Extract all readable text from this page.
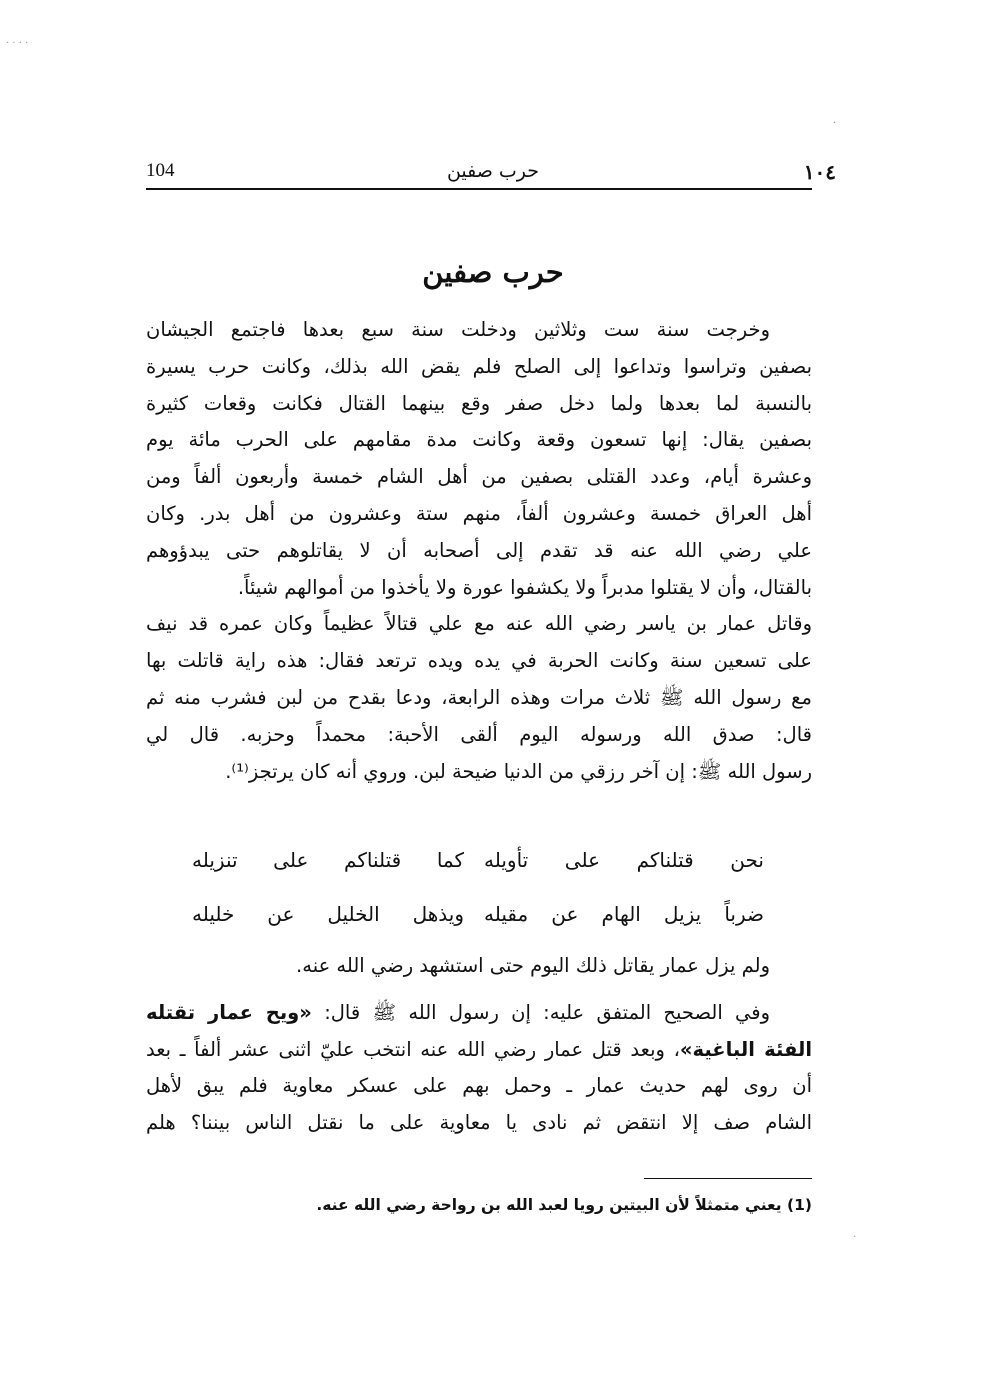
١٠٤
حرب صفين
104
حرب صفين
وخرجت سنة ست وثلاثين ودخلت سنة سبع بعدها فاجتمع الجيشان
بصفين وتراسوا وتداعوا إلى الصلح فلم يقض الله بذلك، وكانت حرب يسيرة
بالنسبة لما بعدها ولما دخل صفر وقع بينهما القتال فكانت وقعات كثيرة
بصفين يقال: إنها تسعون وقعة وكانت مدة مقامهم على الحرب مائة يوم
وعشرة أيام، وعدد القتلى بصفين من أهل الشام خمسة وأربعون ألفاً ومن
أهل العراق خمسة وعشرون ألفاً، منهم ستة وعشرون من أهل بدر. وكان
علي رضي الله عنه قد تقدم إلى أصحابه أن لا يقاتلوهم حتى يبدؤوهم
بالقتال، وأن لا يقتلوا مدبراً ولا يكشفوا عورة ولا يأخذوا من أموالهم شيئاً.
وقاتل عمار بن ياسر رضي الله عنه مع علي قتالاً عظيماً وكان عمره قد نيف
على تسعين سنة وكانت الحربة في يده ويده ترتعد فقال: هذه راية قاتلت بها
مع رسول الله ﷺ ثلاث مرات وهذه الرابعة، ودعا بقدح من لبن فشرب منه ثم
قال: صدق الله ورسوله اليوم ألقى الأحبة: محمداً وحزبه. قال لي
رسول الله ﷺ: إن آخر رزقي من الدنيا ضيحة لبن. وروي أنه كان يرتجز⁽¹⁾.
نحن قتلناكم على تأويله
كما قتلناكم على تنزيله
ضرباً يزيل الهام عن مقيله
ويذهل الخليل عن خليله
ولم يزل عمار يقاتل ذلك اليوم حتى استشهد رضي الله عنه.
وفي الصحيح المتفق عليه: إن رسول الله ﷺ قال: «ويح عمار تقتله
الفئة الباغية»، وبعد قتل عمار رضي الله عنه انتخب عليّ اثنى عشر ألفاً ـ بعد
أن روى لهم حديث عمار ـ وحمل بهم على عسكر معاوية فلم يبق لأهل
الشام صف إلا انتقض ثم نادى يا معاوية على ما نقتل الناس بيننا؟ هلم
(1) يعني متمثلاً لأن البيتين رويا لعبد الله بن رواحة رضي الله عنه.
· · · ·
·
·
